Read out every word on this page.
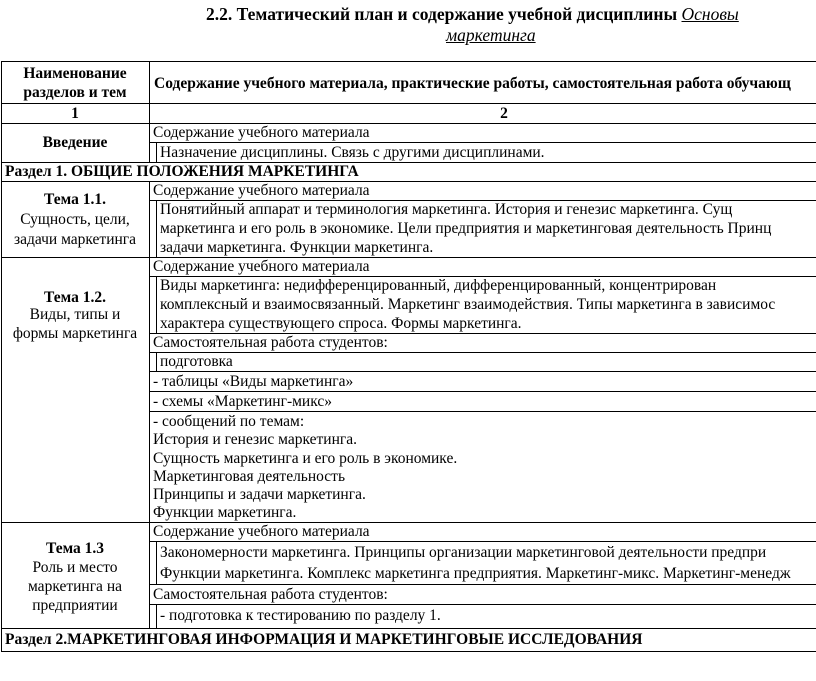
2.2. Тематический план и содержание учебной дисциплины Основы
маркетинга
Наименование
разделов и тем
Содержание учебного материала, практические работы, самостоятельная работа обучающ
1	2
Введение
Содержание учебного материала
Назначение дисциплины. Связь с другими дисциплинами.
Раздел 1. ОБЩИЕ ПОЛОЖЕНИЯ МАРКЕТИНГА
Тема 1.1.
Сущность, цели,
задачи маркетинга
Содержание учебного материала
Понятийный аппарат и терминология маркетинга. История и генезис маркетинга. Сущ
маркетинга и его роль в экономике. Цели предприятия и маркетинговая деятельность Принц
задачи маркетинга. Функции маркетинга.
Тема 1.2.
Виды, типы и
формы маркетинга
Содержание учебного материала
Виды маркетинга: недифференцированный, дифференцированный, концентрирован
комплексный и взаимосвязанный. Маркетинг взаимодействия. Типы маркетинга в зависимос
характера существующего спроса. Формы маркетинга.
Самостоятельная работа студентов:
подготовка
- таблицы «Виды маркетинга»
- схемы «Маркетинг-микс»
- сообщений по темам:
История и генезис маркетинга.
Сущность маркетинга и его роль в экономике.
Маркетинговая деятельность
Принципы и задачи маркетинга.
Функции маркетинга.
Тема 1.3
Роль и место
маркетинга на
предприятии
Содержание учебного материала
Закономерности маркетинга. Принципы организации маркетинговой деятельности предпри
Функции маркетинга. Комплекс маркетинга предприятия. Маркетинг-микс. Маркетинг-менедж
Самостоятельная работа студентов:
- подготовка к тестированию по разделу 1.
Раздел 2.МАРКЕТИНГОВАЯ ИНФОРМАЦИЯ И МАРКЕТИНГОВЫЕ ИССЛЕДОВАНИЯ
